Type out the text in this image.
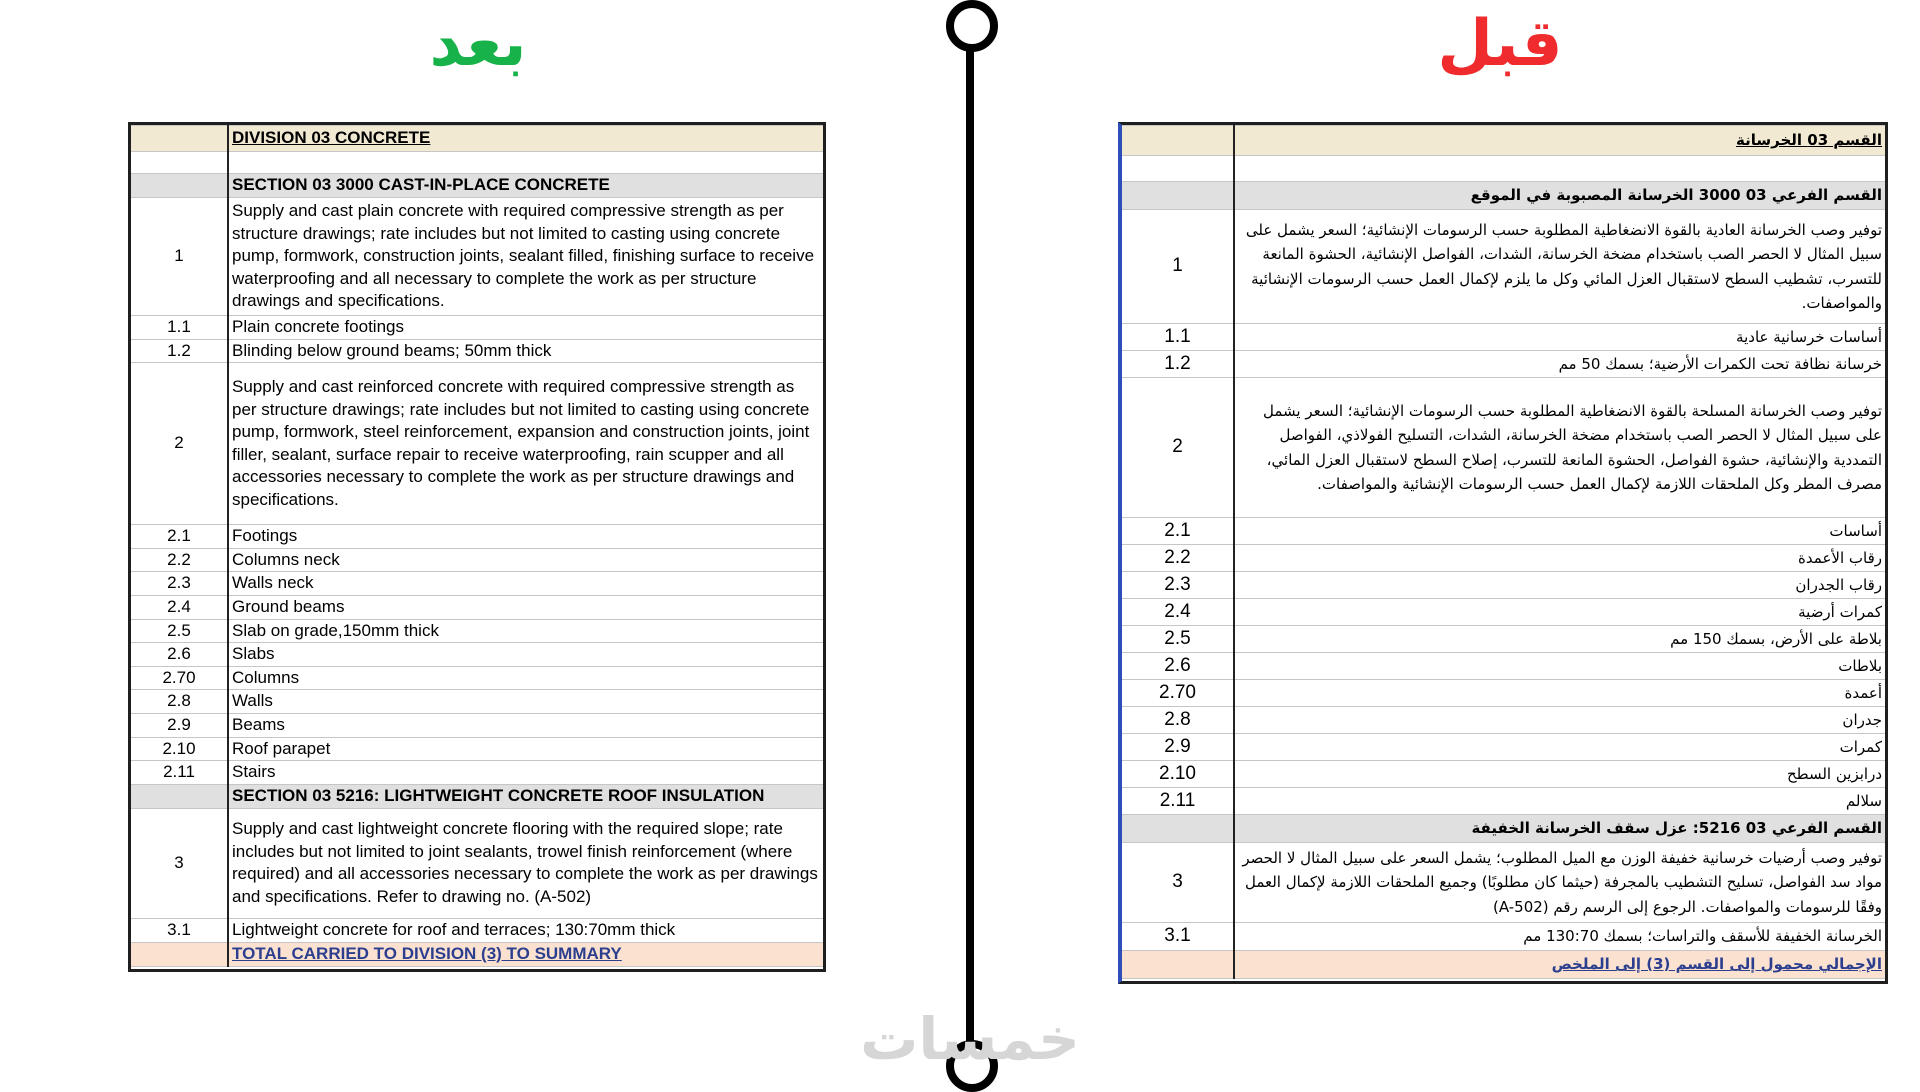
بعد	قبل
خمسات
	DIVISION 03 CONCRETE

	SECTION 03 3000 CAST-IN-PLACE CONCRETE
1	Supply and cast plain concrete with required compressive strength as per structure drawings; rate includes but not limited to casting using concrete pump, formwork, construction joints, sealant filled, finishing surface to receive waterproofing and all necessary to complete the work as per structure drawings and specifications.
1.1	Plain concrete footings
1.2	Blinding below ground beams; 50mm thick
2	Supply and cast reinforced concrete with required compressive strength as per structure drawings; rate includes but not limited to casting using concrete pump, formwork, steel reinforcement, expansion and construction joints, joint filler, sealant, surface repair to receive waterproofing, rain scupper and all accessories necessary to complete the work as per structure drawings and specifications.
2.1	Footings
2.2	Columns neck
2.3	Walls neck
2.4	Ground beams
2.5	Slab on grade,150mm thick
2.6	Slabs
2.70	Columns
2.8	Walls
2.9	Beams
2.10	Roof parapet
2.11	Stairs
	SECTION 03 5216: LIGHTWEIGHT CONCRETE ROOF INSULATION
3	Supply and cast lightweight concrete flooring with the required slope; rate includes but not limited to joint sealants, trowel finish reinforcement (where required) and all accessories necessary to complete the work as per drawings and specifications. Refer to drawing no. (A-502)
3.1	Lightweight concrete for roof and terraces; 130:70mm thick
	TOTAL CARRIED TO DIVISION (3) TO SUMMARY
	القسم 03 الخرسانة

	القسم الفرعي 03 3000 الخرسانة المصبوبة في الموقع
1	توفير وصب الخرسانة العادية بالقوة الانضغاطية المطلوبة حسب الرسومات الإنشائية؛ السعر يشمل على سبيل المثال لا الحصر الصب باستخدام مضخة الخرسانة، الشدات، الفواصل الإنشائية، الحشوة المانعة للتسرب، تشطيب السطح لاستقبال العزل المائي وكل ما يلزم لإكمال العمل حسب الرسومات الإنشائية والمواصفات.
1.1	أساسات خرسانية عادية
1.2	خرسانة نظافة تحت الكمرات الأرضية؛ بسمك 50 مم
2	توفير وصب الخرسانة المسلحة بالقوة الانضغاطية المطلوبة حسب الرسومات الإنشائية؛ السعر يشمل على سبيل المثال لا الحصر الصب باستخدام مضخة الخرسانة، الشدات، التسليح الفولاذي، الفواصل التمددية والإنشائية، حشوة الفواصل، الحشوة المانعة للتسرب، إصلاح السطح لاستقبال العزل المائي، مصرف المطر وكل الملحقات اللازمة لإكمال العمل حسب الرسومات الإنشائية والمواصفات.
2.1	أساسات
2.2	رقاب الأعمدة
2.3	رقاب الجدران
2.4	كمرات أرضية
2.5	بلاطة على الأرض، بسمك 150 مم
2.6	بلاطات
2.70	أعمدة
2.8	جدران
2.9	كمرات
2.10	درابزين السطح
2.11	سلالم
	القسم الفرعي 03 5216: عزل سقف الخرسانة الخفيفة
3	توفير وصب أرضيات خرسانية خفيفة الوزن مع الميل المطلوب؛ يشمل السعر على سبيل المثال لا الحصر مواد سد الفواصل، تسليح التشطيب بالمجرفة (حيثما كان مطلوبًا) وجميع الملحقات اللازمة لإكمال العمل وفقًا للرسومات والمواصفات. الرجوع إلى الرسم رقم (A-502)
3.1	الخرسانة الخفيفة للأسقف والتراسات؛ بسمك 130:70 مم
	الإجمالي محمول إلى القسم (3) إلى الملخص
